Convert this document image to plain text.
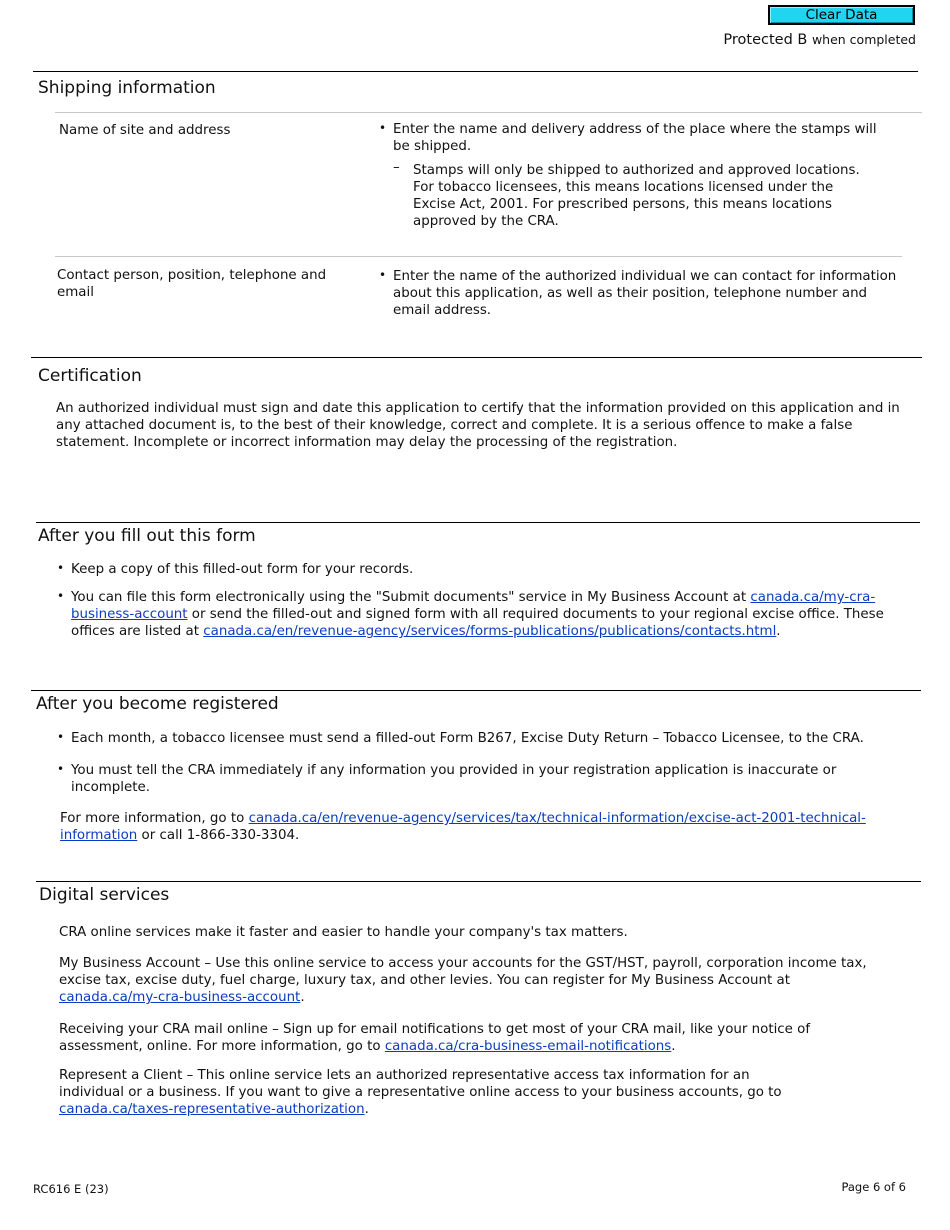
Clear Data
Protected B when completed
Shipping information
Name of site and address
•	Enter the name and delivery address of the place where the stamps will be shipped.
– Stamps will only be shipped to authorized and approved locations. For tobacco licensees, this means locations licensed under the Excise Act, 2001. For prescribed persons, this means locations approved by the CRA.
Contact person, position, telephone and email
• Enter the name of the authorized individual we can contact for information about this application, as well as their position, telephone number and email address.
Certification
An authorized individual must sign and date this application to certify that the information provided on this application and in any attached document is, to the best of their knowledge, correct and complete. It is a serious offence to make a false statement. Incomplete or incorrect information may delay the processing of the registration.
After you fill out this form
• Keep a copy of this filled-out form for your records.
• You can file this form electronically using the "Submit documents" service in My Business Account at canada.ca/my-cra-business-account or send the filled-out and signed form with all required documents to your regional excise office. These offices are listed at canada.ca/en/revenue-agency/services/forms-publications/publications/contacts.html.
After you become registered
• Each month, a tobacco licensee must send a filled-out Form B267, Excise Duty Return – Tobacco Licensee, to the CRA.
• You must tell the CRA immediately if any information you provided in your registration application is inaccurate or incomplete.
For more information, go to canada.ca/en/revenue-agency/services/tax/technical-information/excise-act-2001-technical-information or call 1-866-330-3304.
Digital services
CRA online services make it faster and easier to handle your company's tax matters.
My Business Account – Use this online service to access your accounts for the GST/HST, payroll, corporation income tax, excise tax, excise duty, fuel charge, luxury tax, and other levies. You can register for My Business Account at canada.ca/my-cra-business-account.
Receiving your CRA mail online – Sign up for email notifications to get most of your CRA mail, like your notice of assessment, online. For more information, go to canada.ca/cra-business-email-notifications.
Represent a Client – This online service lets an authorized representative access tax information for an individual or a business. If you want to give a representative online access to your business accounts, go to canada.ca/taxes-representative-authorization.
RC616 E (23)	Page 6 of 6
